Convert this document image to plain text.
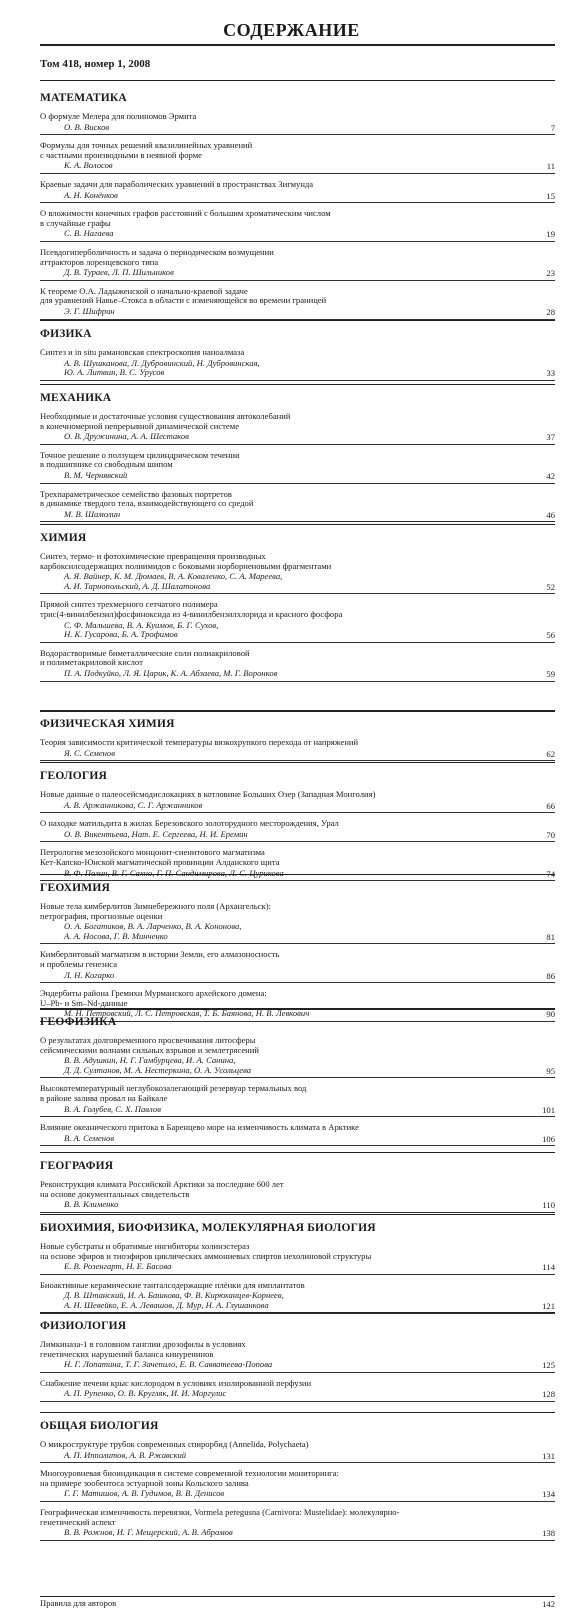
СОДЕРЖАНИЕ
Том 418, номер 1, 2008
МАТЕМАТИКА
О формуле Мелера для полиномов Эрмита
О. В. Висков	7
Формулы для точных решений квазилинейных уравнений
с частными производными в неявной форме
К. А. Волосов	11
Краевые задачи для параболических уравнений в пространствах Зигмунда
А. Н. Конёнков	15
О вложимости конечных графов расстояний с большим хроматическим числом
в случайные графы
С. В. Нагаева	19
Псевдогиперболичность и задача о периодическом возмущении
аттракторов лоренцевского типа
Д. В. Тураев, Л. П. Шильников	23
К теореме О.А. Ладыженской о начально-краевой задаче
для уравнений Навье–Стокса в области с изменяющейся во времени границей
Э. Г. Шифрин	28
ФИЗИКА
Синтез и in situ рамановская спектроскопия наноалмаза
А. В. Шушканова, Л. Дубровинский, Н. Дубровинская,
Ю. А. Литвин, В. С. Урусов	33
МЕХАНИКА
Необходимые и достаточные условия существования автоколебаний
в конечномерной непрерывной динамической системе
О. В. Дружинина, А. А. Шестаков	37
Точное решение о ползущем цилиндрическом течении
в подшипнике со свободным шипом
В. М. Чернявский	42
Трехпараметрическое семейство фазовых портретов
в динамике твердого тела, взаимодействующего со средой
М. В. Шамолин	46
ХИМИЯ
Синтез, термо- и фотохимические превращения производных
карбоксилсодержащих полиимидов с боковыми норборненовыми фрагментами
А. Я. Вайнер, К. М. Дюмаев, В. А. Коваленко, С. А. Мареева,
А. И. Тарнопольский, А. Д. Шалатонова	52
Прямой синтез трехмерного сетчатого полимера
трис(4-винилбензил)фосфиноксида из 4-винилбензилхлорида и красного фосфора
С. Ф. Мальшева, В. А. Куимов, Б. Г. Сухов,
Н. К. Гусарова, Б. А. Трофимов	56
Водорастворимые биметаллические соли полиакриловой
и полиметакриловой кислот
П. А. Подкуйко, Л. Я. Царик, К. А. Абзаева, М. Г. Воронков	59
ФИЗИЧЕСКАЯ ХИМИЯ
Теория зависимости критической температуры вязкохрупкого перехода от напряжений
Я. С. Семенов	62
ГЕОЛОГИЯ
Новые данные о палеосейсмодислокациях в котловине Больших Озер (Западная Монголия)
А. В. Аржанникова, С. Г. Аржанников	66
О находке матильдита в жилах Березовского золоторудного месторождения, Урал
О. В. Викентьева, Нат. Е. Сергеева, Н. И. Еремин	70
Петрология мезозойского монцонит-сиенитового магматизма
Кет-Капско-Юнской магматической провинции Алданского щита
В. Ф. Полин, В. Г. Сахно, Г. П. Сандимирова, Л. С. Цурикова	74
ГЕОХИМИЯ
Новые тела кимберлитов Зимнебережного поля (Архангельск):
петрография, прогнозные оценки
О. А. Богатиков, В. А. Ларченко, В. А. Кононова,
А. А. Носова, Г. В. Минченко	81
Кимберлитовый магматизм в истории Земли, его алмазоносность
и проблемы генезиса
Л. Н. Когарко	86
Эндербиты района Гремихи Мурманского архейского домена:
U–Pb- и Sm–Nd-данные
М. Н. Петровский, Л. С. Петровская, Т. Б. Баянова, Н. В. Левкович	90
ГЕОФИЗИКА
О результатах долговременного просвечивания литосферы
сейсмическими волнами сильных взрывов и землетрясений
В. В. Адушкин, Н. Г. Гамбурцева, И. А. Санина,
Д. Д. Султанов, М. А. Нестеркина, О. А. Усольцева	95
Высокотемпературный неглубокозалегающий резервуар термальных вод
в районе залива провал на Байкале
В. А. Голубев, С. Х. Павлов	101
Влияние океанического притока в Баренцево море на изменчивость климата в Арктике
В. А. Семенов	106
ГЕОГРАФИЯ
Реконструкция климата Российской Арктики за последние 600 лет
на основе документальных свидетельств
В. В. Клименко	110
БИОХИМИЯ, БИОФИЗИКА, МОЛЕКУЛЯРНАЯ БИОЛОГИЯ
Новые субстраты и обратимые ингибиторы холинэстераз
на основе эфиров и тиоэфиров циклических аммониевых спиртов нехолиновой структуры
Е. В. Розенгарт, Н. Е. Басова	114
Биоактивные керамические танталсодержащие плёнки для имплантатов
Д. В. Штанский, И. А. Башкова, Ф. В. Кирюханцев-Корнеев,
А. Н. Шевейко, Е. А. Левашов, Д. Мур, Н. А. Глушанкова	121
ФИЗИОЛОГИЯ
Лимкиназа-1 в головном ганглии дрозофилы в условиях
генетических нарушений баланса кинуренинов
Н. Г. Лопатина, Т. Г. Зачепило, Е. В. Савватеева-Попова	125
Снабжение печени крыс кислородом в условиях изолированной перфузии
А. П. Рупенко, О. В. Кругляк, И. И. Моргулис	128
ОБЩАЯ БИОЛОГИЯ
О микроструктуре трубок современных спирорбид (Annelida, Polychaeta)
А. П. Ипполитов, А. В. Ржавский	131
Многоуровневая биоиндикация в системе современной технологии мониторинга:
на примере зообентоса эстуарной зоны Кольского залива
Г. Г. Матишов, А. В. Гудимов, В. В. Денисов	134
Географическая изменчивость перевязки, Vormela peregusna (Carnivora: Mustelidae): молекулярно-
генетический аспект
В. В. Рожнов, И. Г. Мещерский, А. В. Абрамов	138
Правила для авторов	142
